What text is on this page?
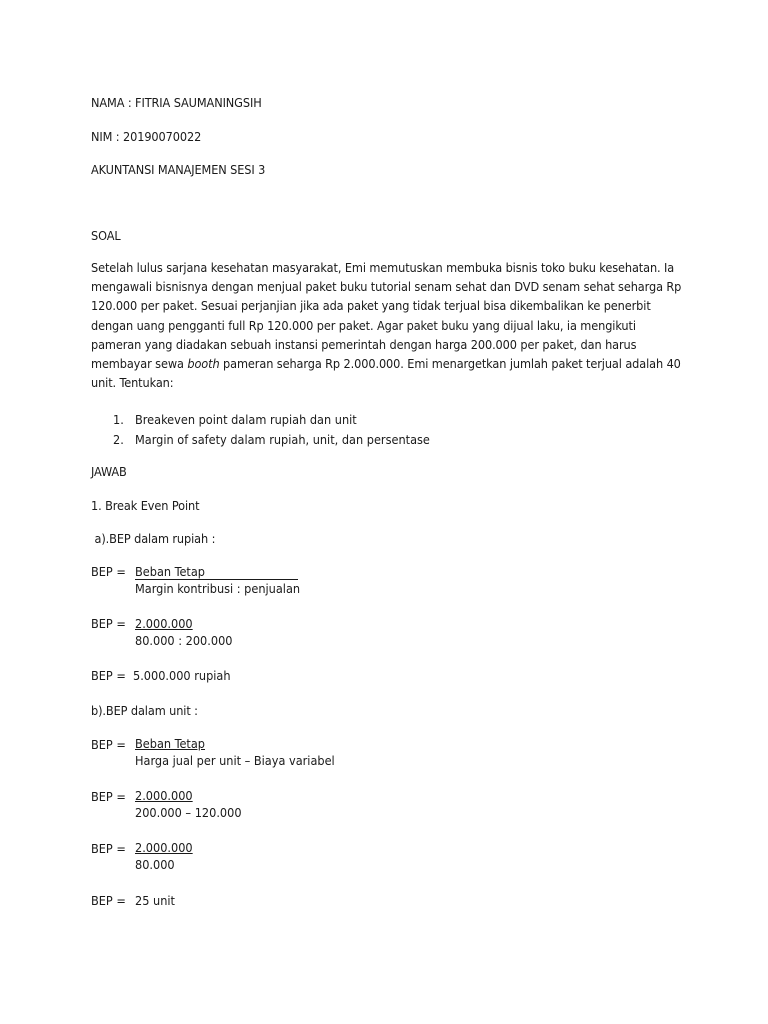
NAMA : FITRIA SAUMANINGSIH
NIM : 20190070022
AKUNTANSI MANAJEMEN SESI 3
SOAL
Setelah lulus sarjana kesehatan masyarakat, Emi memutuskan membuka bisnis toko buku kesehatan. Ia
mengawali bisnisnya dengan menjual paket buku tutorial senam sehat dan DVD senam sehat seharga Rp
120.000 per paket. Sesuai perjanjian jika ada paket yang tidak terjual bisa dikembalikan ke penerbit
dengan uang pengganti full Rp 120.000 per paket. Agar paket buku yang dijual laku, ia mengikuti
pameran yang diadakan sebuah instansi pemerintah dengan harga 200.000 per paket, dan harus
membayar sewa booth pameran seharga Rp 2.000.000. Emi menargetkan jumlah paket terjual adalah 40
unit. Tentukan:
1. Breakeven point dalam rupiah dan unit
2. Margin of safety dalam rupiah, unit, dan persentase
JAWAB
1. Break Even Point
a).BEP dalam rupiah :
BEP = Beban Tetap
Margin kontribusi : penjualan
BEP = 2.000.000
80.000 : 200.000
BEP = 5.000.000 rupiah
b).BEP dalam unit :
BEP = Beban Tetap
Harga jual per unit – Biaya variabel
BEP = 2.000.000
200.000 – 120.000
BEP = 2.000.000
80.000
BEP = 25 unit
